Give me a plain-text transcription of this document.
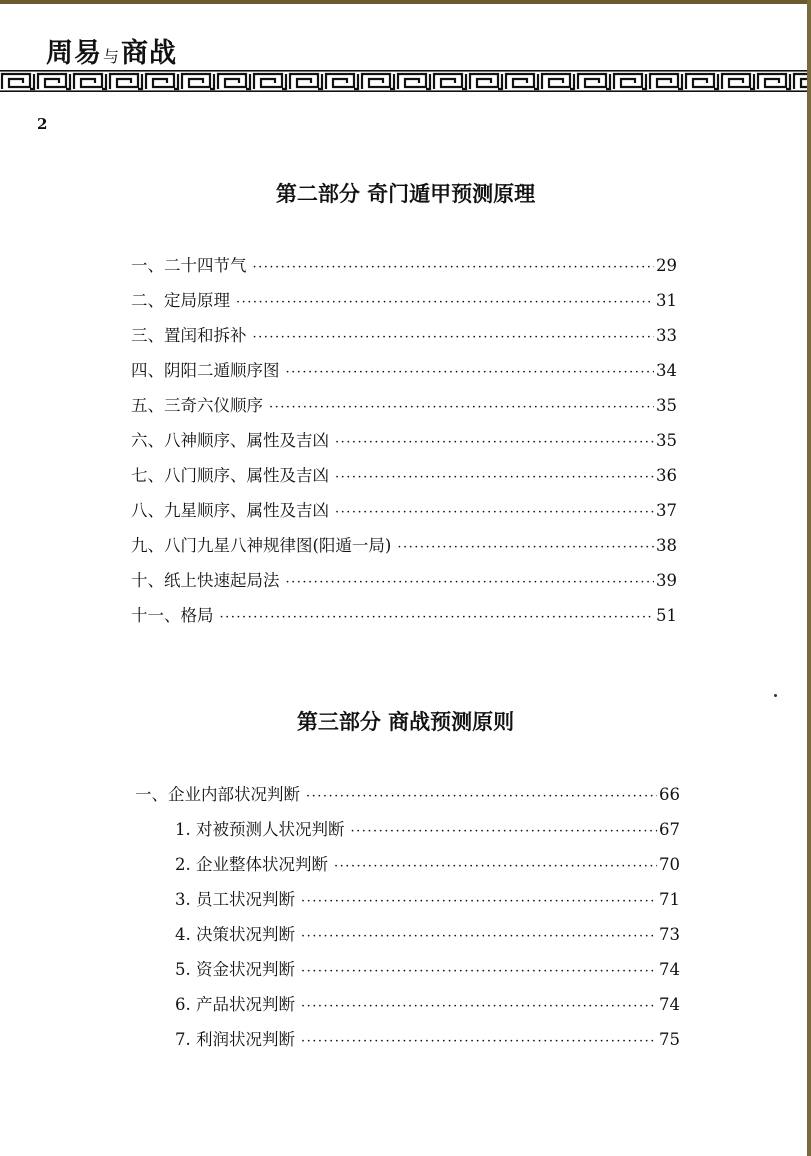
周易与商战
2
第二部分 奇门遁甲预测原理
一、二十四节气 ·····	29
二、定局原理 ·····	31
三、置闰和拆补 ·····	33
四、阴阳二遁顺序图 ·····	34
五、三奇六仪顺序 ·····	35
六、八神顺序、属性及吉凶 ·····	35
七、八门顺序、属性及吉凶 ·····	36
八、九星顺序、属性及吉凶 ·····	37
九、八门九星八神规律图(阳遁一局) ·····	38
十、纸上快速起局法 ·····	39
十一、格局 ·····	51
第三部分 商战预测原则
一、企业内部状况判断 ·····	66
1. 对被预测人状况判断 ·····	67
2. 企业整体状况判断 ·····	70
3. 员工状况判断 ·····	71
4. 决策状况判断 ·····	73
5. 资金状况判断 ·····	74
6. 产品状况判断 ·····	74
7. 利润状况判断 ·····	75
